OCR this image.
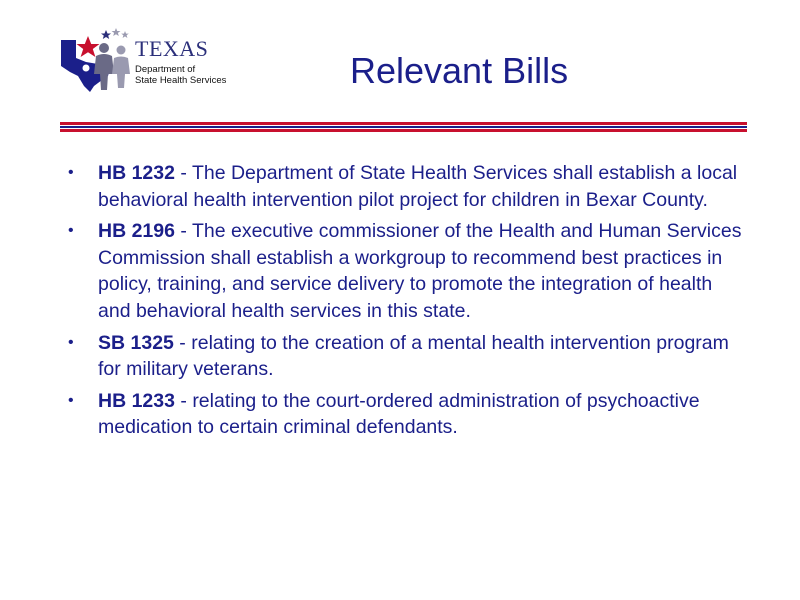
TEXAS
Department of
State Health Services	Relevant Bills
• HB 1232 - The Department of State Health Services shall establish a local behavioral health intervention pilot project for children in Bexar County.
• HB 2196 - The executive commissioner of the Health and Human Services Commission shall establish a workgroup to recommend best practices in policy, training, and service delivery to promote the integration of health and behavioral health services in this state.
• SB 1325 - relating to the creation of a mental health intervention program for military veterans.
• HB 1233 - relating to the court-ordered administration of psychoactive medication to certain criminal defendants.
